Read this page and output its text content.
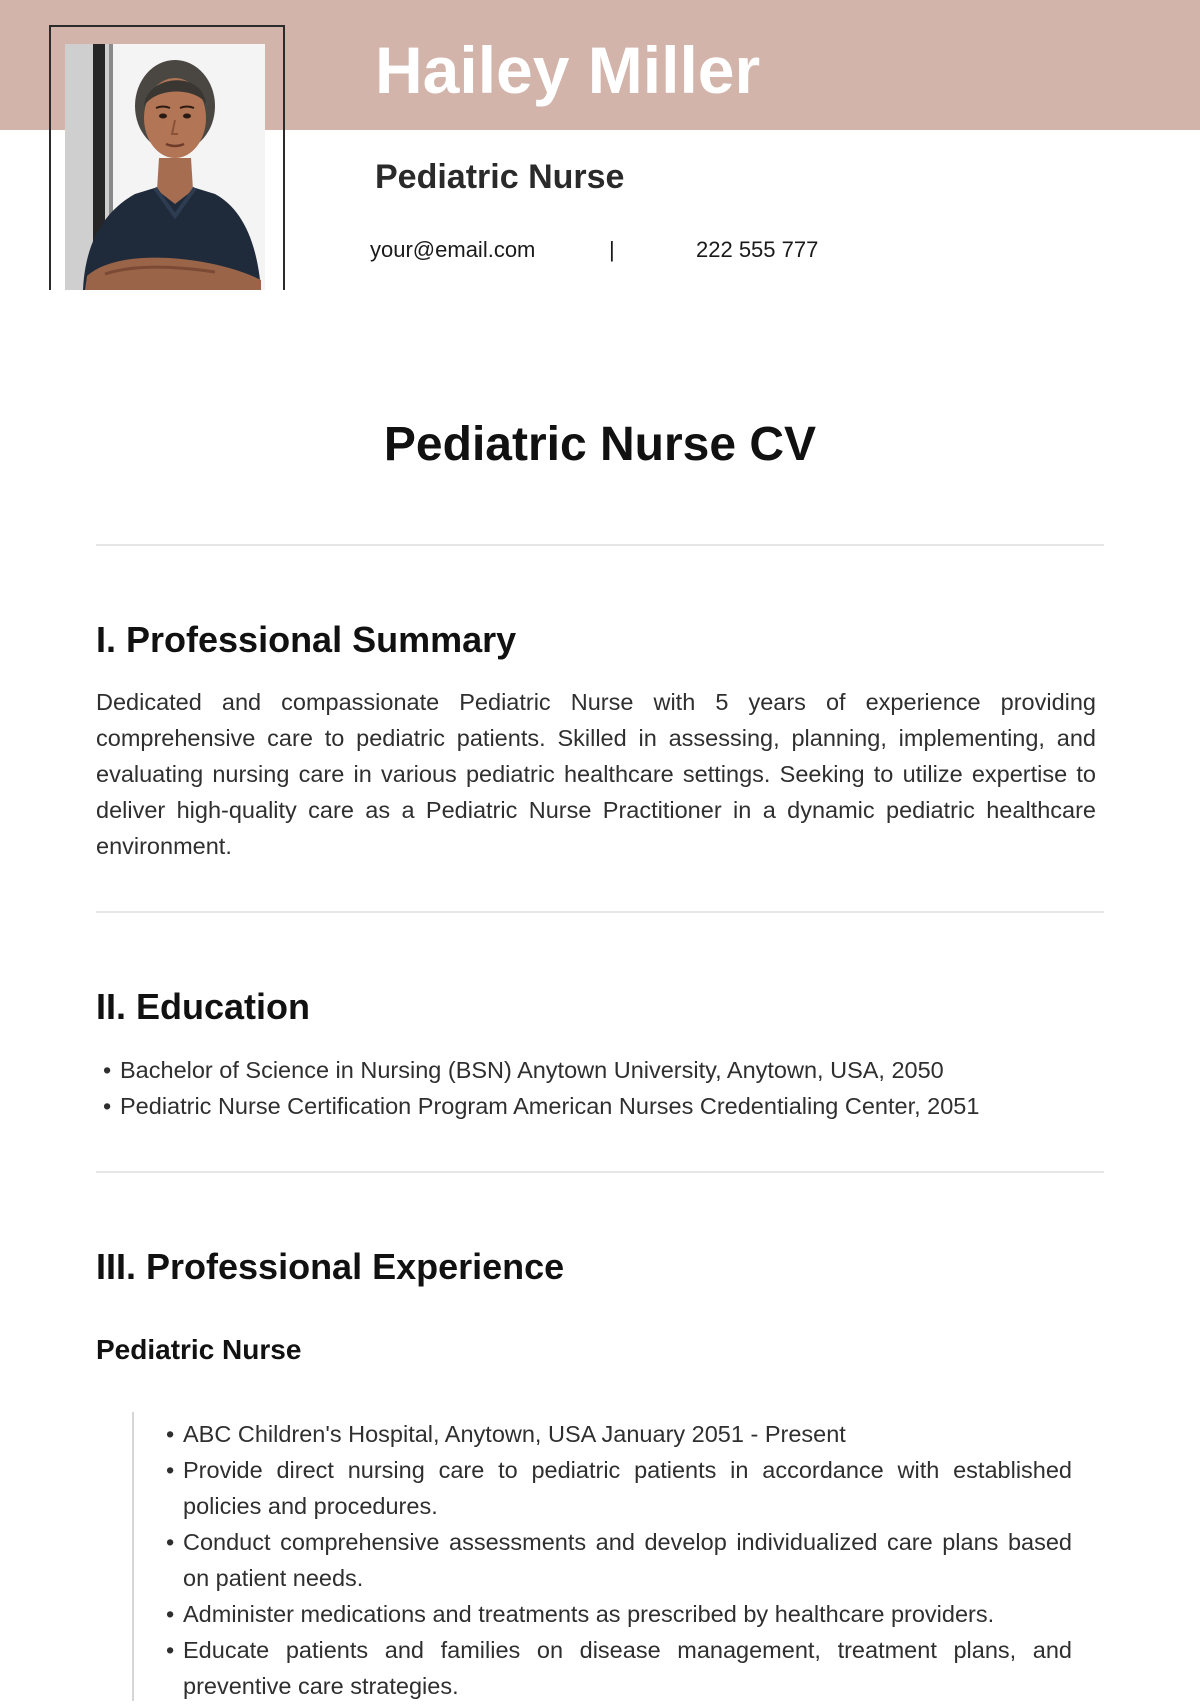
Hailey Miller
Pediatric Nurse
your@email.com	|	222 555 777
Pediatric Nurse CV
I. Professional Summary

Dedicated and compassionate Pediatric Nurse with 5 years of experience providing comprehensive care to pediatric patients. Skilled in assessing, planning, implementing, and evaluating nursing care in various pediatric healthcare settings. Seeking to utilize expertise to deliver high-quality care as a Pediatric Nurse Practitioner in a dynamic pediatric healthcare environment.

II. Education
• Bachelor of Science in Nursing (BSN) Anytown University, Anytown, USA, 2050
• Pediatric Nurse Certification Program American Nurses Credentialing Center, 2051
III. Professional Experience
Pediatric Nurse
• ABC Children's Hospital, Anytown, USA January 2051 - Present
• Provide direct nursing care to pediatric patients in accordance with established policies and procedures.
• Conduct comprehensive assessments and develop individualized care plans based on patient needs.
• Administer medications and treatments as prescribed by healthcare providers.
• Educate patients and families on disease management, treatment plans, and preventive care strategies.
